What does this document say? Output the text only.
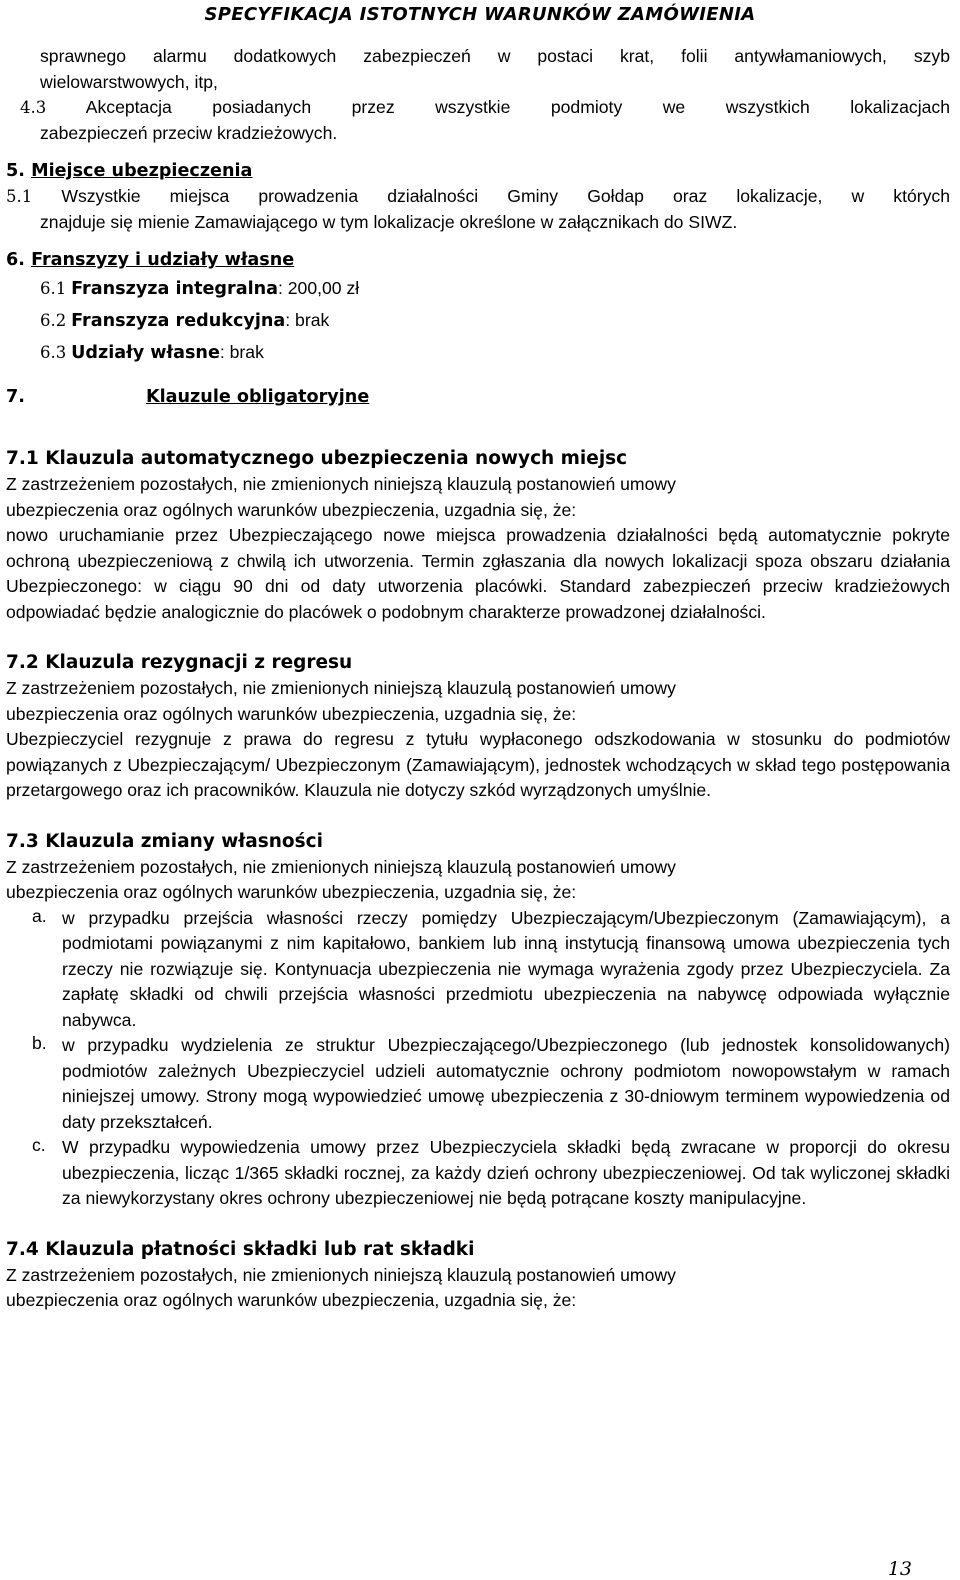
SPECYFIKACJA ISTOTNYCH WARUNKÓW ZAMÓWIENIA

sprawnego alarmu dodatkowych zabezpieczeń w postaci krat, folii antywłamaniowych, szyb

wielowarstwowych, itp,

4.3 Akceptacja posiadanych przez wszystkie podmioty we wszystkich lokalizacjach

zabezpieczeń przeciw kradzieżowych.

5. Miejsce ubezpieczenia

5.1 Wszystkie miejsca prowadzenia działalności Gminy Gołdap oraz lokalizacje, w których

znajduje się mienie Zamawiającego w tym lokalizacje określone w załącznikach do SIWZ.

6. Franszyzy i udziały własne

6.1 Franszyza integralna: 200,00 zł

6.2 Franszyza redukcyjna: brak

6.3 Udziały własne: brak

7.	Klauzule obligatoryjne

7.1 Klauzula automatycznego ubezpieczenia nowych miejsc

Z zastrzeżeniem pozostałych, nie zmienionych niniejszą klauzulą postanowień umowy

ubezpieczenia oraz ogólnych warunków ubezpieczenia, uzgadnia się, że:

nowo uruchamianie przez Ubezpieczającego nowe miejsca prowadzenia działalności będą automatycznie pokryte ochroną ubezpieczeniową z chwilą ich utworzenia. Termin zgłaszania dla nowych lokalizacji spoza obszaru działania Ubezpieczonego: w ciągu 90 dni od daty utworzenia placówki. Standard zabezpieczeń przeciw kradzieżowych odpowiadać będzie analogicznie do placówek o podobnym charakterze prowadzonej działalności.

7.2 Klauzula rezygnacji z regresu

Z zastrzeżeniem pozostałych, nie zmienionych niniejszą klauzulą postanowień umowy

ubezpieczenia oraz ogólnych warunków ubezpieczenia, uzgadnia się, że:

Ubezpieczyciel rezygnuje z prawa do regresu z tytułu wypłaconego odszkodowania w stosunku do podmiotów powiązanych z Ubezpieczającym/ Ubezpieczonym (Zamawiającym), jednostek wchodzących w skład tego postępowania przetargowego oraz ich pracowników. Klauzula nie dotyczy szkód wyrządzonych umyślnie.

7.3 Klauzula zmiany własności

Z zastrzeżeniem pozostałych, nie zmienionych niniejszą klauzulą postanowień umowy

ubezpieczenia oraz ogólnych warunków ubezpieczenia, uzgadnia się, że:

a. w przypadku przejścia własności rzeczy pomiędzy Ubezpieczającym/Ubezpieczonym (Zamawiającym), a podmiotami powiązanymi z nim kapitałowo, bankiem lub inną instytucją finansową umowa ubezpieczenia tych rzeczy nie rozwiązuje się. Kontynuacja ubezpieczenia nie wymaga wyrażenia zgody przez Ubezpieczyciela. Za zapłatę składki od chwili przejścia własności przedmiotu ubezpieczenia na nabywcę odpowiada wyłącznie nabywca.

b. w przypadku wydzielenia ze struktur Ubezpieczającego/Ubezpieczonego (lub jednostek konsolidowanych) podmiotów zależnych Ubezpieczyciel udzieli automatycznie ochrony podmiotom nowopowstałym w ramach niniejszej umowy. Strony mogą wypowiedzieć umowę ubezpieczenia z 30-dniowym terminem wypowiedzenia od daty przekształceń.

c. W przypadku wypowiedzenia umowy przez Ubezpieczyciela składki będą zwracane w proporcji do okresu ubezpieczenia, licząc 1/365 składki rocznej, za każdy dzień ochrony ubezpieczeniowej. Od tak wyliczonej składki za niewykorzystany okres ochrony ubezpieczeniowej nie będą potrącane koszty manipulacyjne.

7.4 Klauzula płatności składki lub rat składki

Z zastrzeżeniem pozostałych, nie zmienionych niniejszą klauzulą postanowień umowy

ubezpieczenia oraz ogólnych warunków ubezpieczenia, uzgadnia się, że:

13
